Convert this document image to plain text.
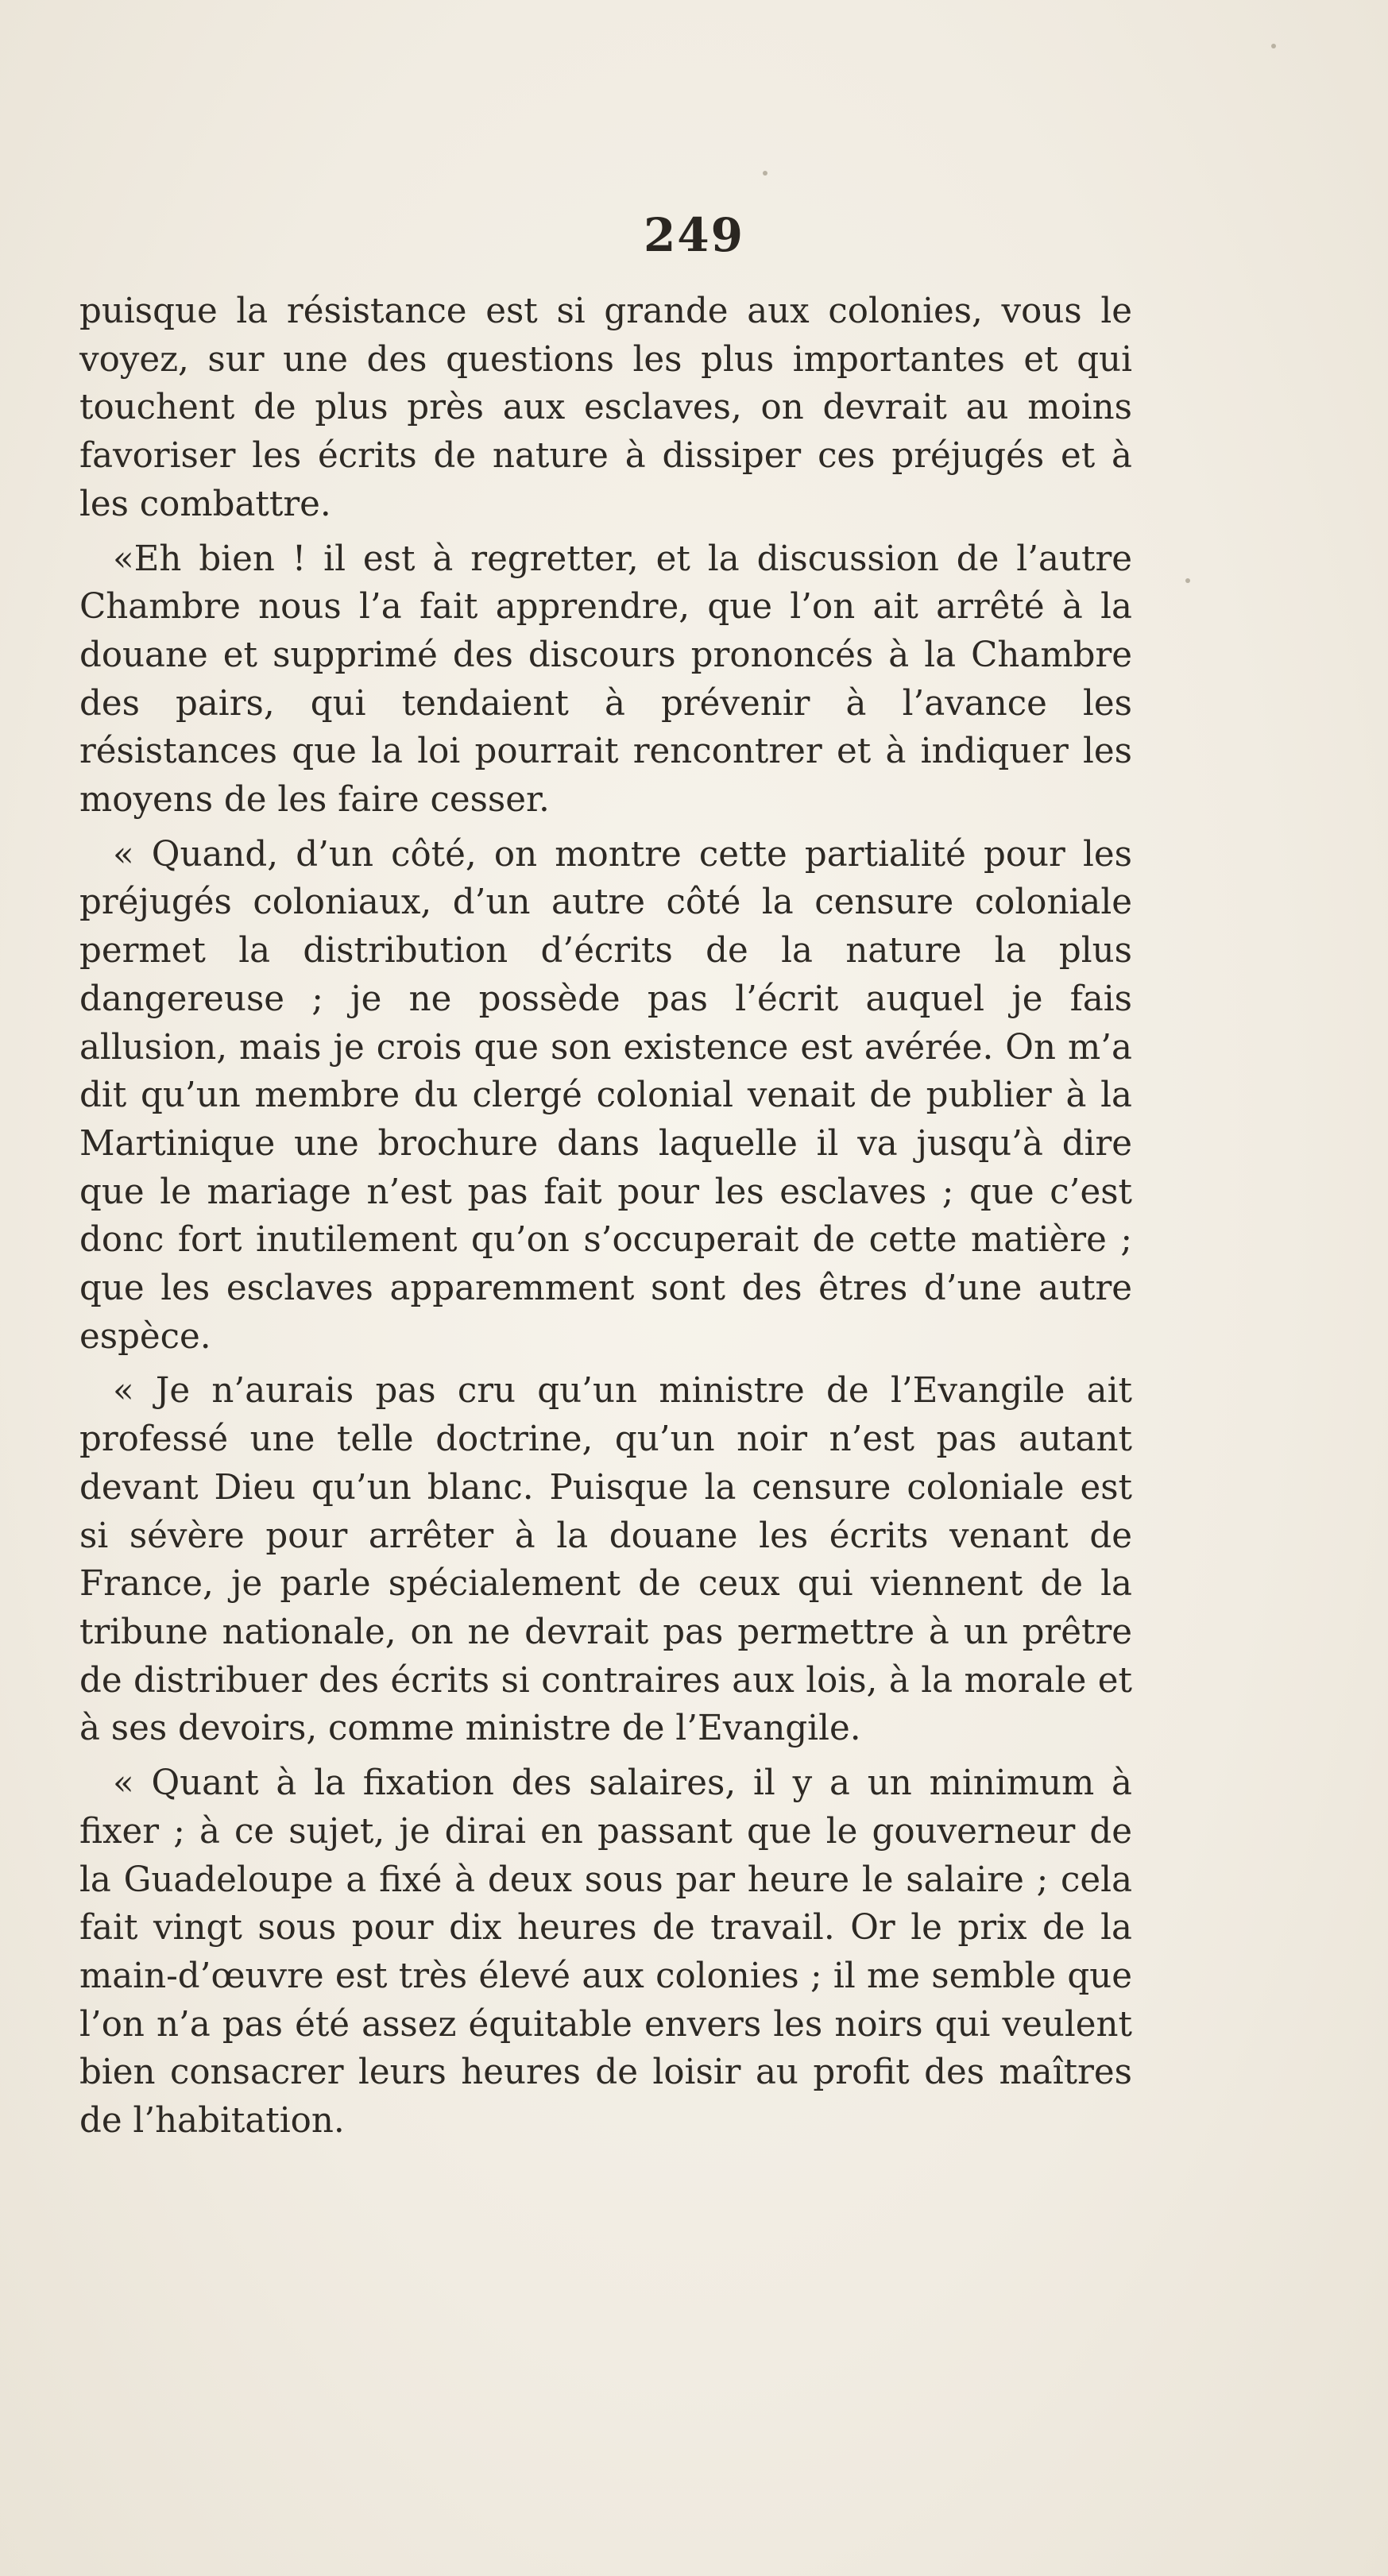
249

puisque la résistance est si grande aux colonies, vous le voyez, sur une des questions les plus importantes et qui touchent de plus près aux esclaves, on devrait au moins favoriser les écrits de nature à dissiper ces préjugés et à les combattre.

«Eh bien ! il est à regretter, et la discussion de l’autre Chambre nous l’a fait apprendre, que l’on ait arrêté à la douane et supprimé des discours prononcés à la Chambre des pairs, qui tendaient à prévenir à l’avance les résistances que la loi pourrait rencontrer et à indiquer les moyens de les faire cesser.

« Quand, d’un côté, on montre cette partialité pour les préjugés coloniaux, d’un autre côté la censure coloniale permet la distribution d’écrits de la nature la plus dangereuse ; je ne possède pas l’écrit auquel je fais allusion, mais je crois que son existence est avérée. On m’a dit qu’un membre du clergé colonial venait de publier à la Martinique une brochure dans laquelle il va jusqu’à dire que le mariage n’est pas fait pour les esclaves ; que c’est donc fort inutilement qu’on s’occuperait de cette matière ; que les esclaves apparemment sont des êtres d’une autre espèce.

« Je n’aurais pas cru qu’un ministre de l’Evangile ait professé une telle doctrine, qu’un noir n’est pas autant devant Dieu qu’un blanc. Puisque la censure coloniale est si sévère pour arrêter à la douane les écrits venant de France, je parle spécialement de ceux qui viennent de la tribune nationale, on ne devrait pas permettre à un prêtre de distribuer des écrits si contraires aux lois, à la morale et à ses devoirs, comme ministre de l’Evangile.

« Quant à la fixation des salaires, il y a un minimum à fixer ; à ce sujet, je dirai en passant que le gouverneur de la Guadeloupe a fixé à deux sous par heure le salaire ; cela fait vingt sous pour dix heures de travail. Or le prix de la main-d’œuvre est très élevé aux colonies ; il me semble que l’on n’a pas été assez équitable envers les noirs qui veulent bien consacrer leurs heures de loisir au profit des maîtres de l’habitation.
